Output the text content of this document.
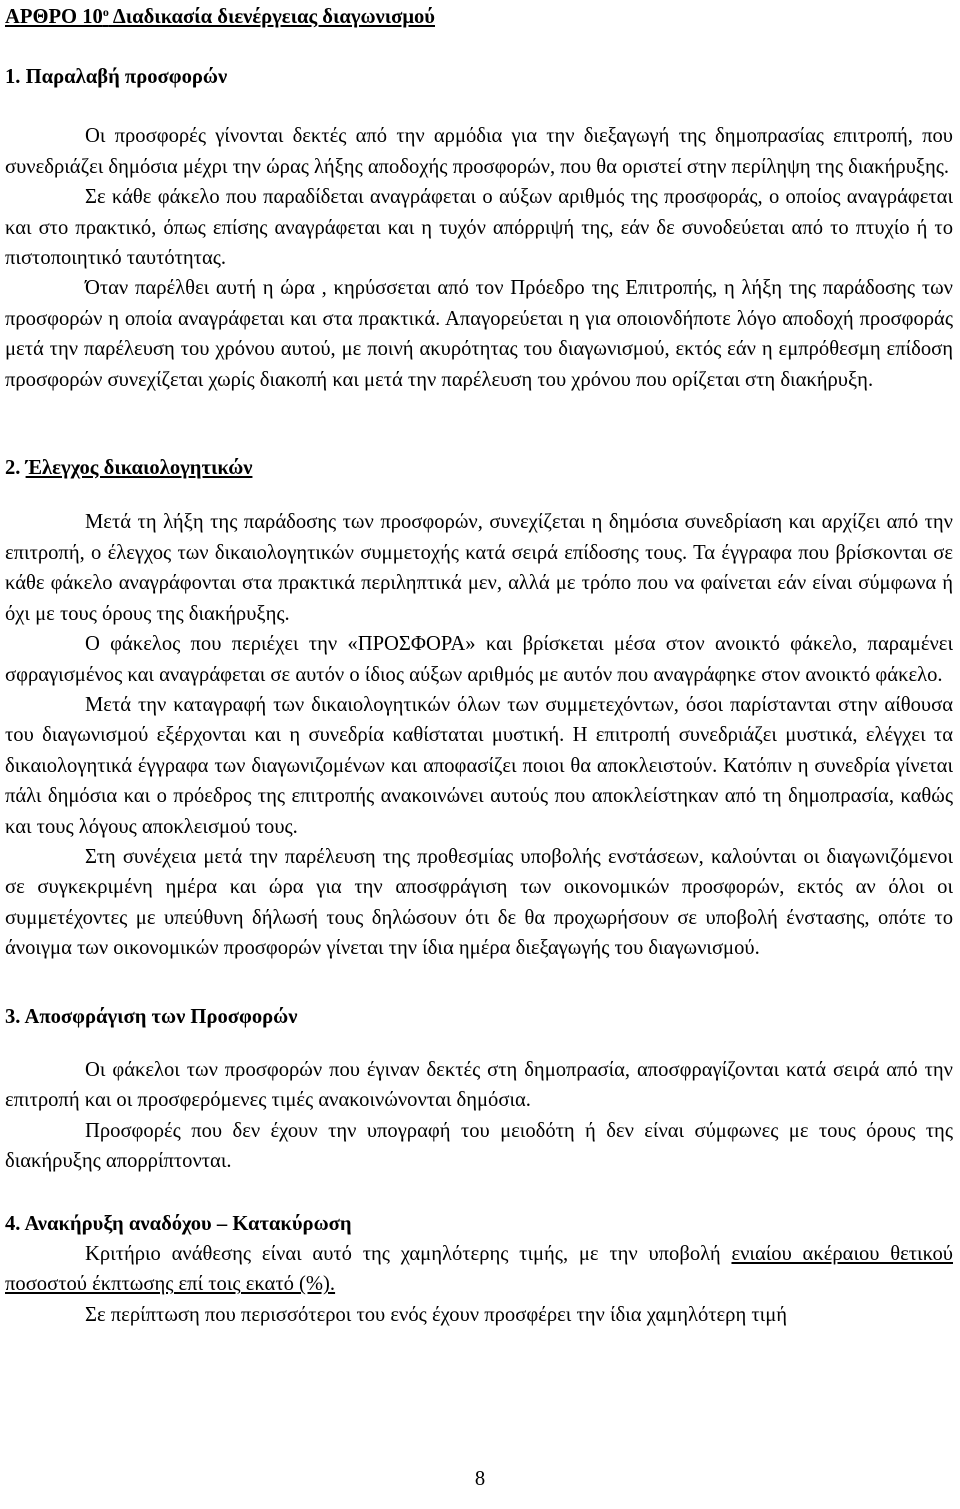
ΑΡΘΡΟ $10^o$ Διαδικασία διενέργειας διαγωνισμού
1. Παραλαβή προσφορών

Οι προσφορές γίνονται δεκτές από την αρμόδια για την διεξαγωγή της δημοπρασίας επιτροπή, που συνεδριάζει δημόσια μέχρι την ώρας λήξης αποδοχής προσφορών, που θα οριστεί στην περίληψη της διακήρυξης.

Σε κάθε φάκελο που παραδίδεται αναγράφεται ο αύξων αριθμός της προσφοράς, ο οποίος αναγράφεται και στο πρακτικό, όπως επίσης αναγράφεται και η τυχόν απόρριψή της, εάν δε συνοδεύεται από το πτυχίο ή το πιστοποιητικό ταυτότητας.

Όταν παρέλθει αυτή η ώρα , κηρύσσεται από τον Πρόεδρο της Επιτροπής, η λήξη της παράδοσης των προσφορών η οποία αναγράφεται και στα πρακτικά. Απαγορεύεται η για οποιονδήποτε λόγο αποδοχή προσφοράς μετά την παρέλευση του χρόνου αυτού, με ποινή ακυρότητας του διαγωνισμού, εκτός εάν η εμπρόθεσμη επίδοση προσφορών συνεχίζεται χωρίς διακοπή και μετά την παρέλευση του χρόνου που ορίζεται στη διακήρυξη.

2. Έλεγχος δικαιολογητικών

Μετά τη λήξη της παράδοσης των προσφορών, συνεχίζεται η δημόσια συνεδρίαση και αρχίζει από την επιτροπή, ο έλεγχος των δικαιολογητικών συμμετοχής κατά σειρά επίδοσης τους. Τα έγγραφα που βρίσκονται σε κάθε φάκελο αναγράφονται στα πρακτικά περιληπτικά μεν, αλλά με τρόπο που να φαίνεται εάν είναι σύμφωνα ή όχι με τους όρους της διακήρυξης.

Ο φάκελος που περιέχει την «ΠΡΟΣΦΟΡΑ» και βρίσκεται μέσα στον ανοικτό φάκελο, παραμένει σφραγισμένος και αναγράφεται σε αυτόν ο ίδιος αύξων αριθμός με αυτόν που αναγράφηκε στον ανοικτό φάκελο.

Μετά την καταγραφή των δικαιολογητικών όλων των συμμετεχόντων, όσοι παρίστανται στην αίθουσα του διαγωνισμού εξέρχονται και η συνεδρία καθίσταται μυστική. Η επιτροπή συνεδριάζει μυστικά, ελέγχει τα δικαιολογητικά έγγραφα των διαγωνιζομένων και αποφασίζει ποιοι θα αποκλειστούν. Κατόπιν η συνεδρία γίνεται πάλι δημόσια και ο πρόεδρος της επιτροπής ανακοινώνει αυτούς που αποκλείστηκαν από τη δημοπρασία, καθώς και τους λόγους αποκλεισμού τους.

Στη συνέχεια μετά την παρέλευση της προθεσμίας υποβολής ενστάσεων, καλούνται οι διαγωνιζόμενοι σε συγκεκριμένη ημέρα και ώρα για την αποσφράγιση των οικονομικών προσφορών, εκτός αν όλοι οι συμμετέχοντες με υπεύθυνη δήλωσή τους δηλώσουν ότι δε θα προχωρήσουν σε υποβολή ένστασης, οπότε το άνοιγμα των οικονομικών προσφορών γίνεται την ίδια ημέρα διεξαγωγής του διαγωνισμού.

3. Αποσφράγιση των Προσφορών

Οι φάκελοι των προσφορών που έγιναν δεκτές στη δημοπρασία, αποσφραγίζονται κατά σειρά από την επιτροπή και οι προσφερόμενες τιμές ανακοινώνονται δημόσια.

Προσφορές που δεν έχουν την υπογραφή του μειοδότη ή δεν είναι σύμφωνες με τους όρους της διακήρυξης απορρίπτονται.

4. Ανακήρυξη αναδόχου – Κατακύρωση

Κριτήριο ανάθεσης είναι αυτό της χαμηλότερης τιμής, με την υποβολή ενιαίου ακέραιου θετικού ποσοστού έκπτωσης επί τοις εκατό (%).

Σε περίπτωση που περισσότεροι του ενός έχουν προσφέρει την ίδια χαμηλότερη τιμή

8
